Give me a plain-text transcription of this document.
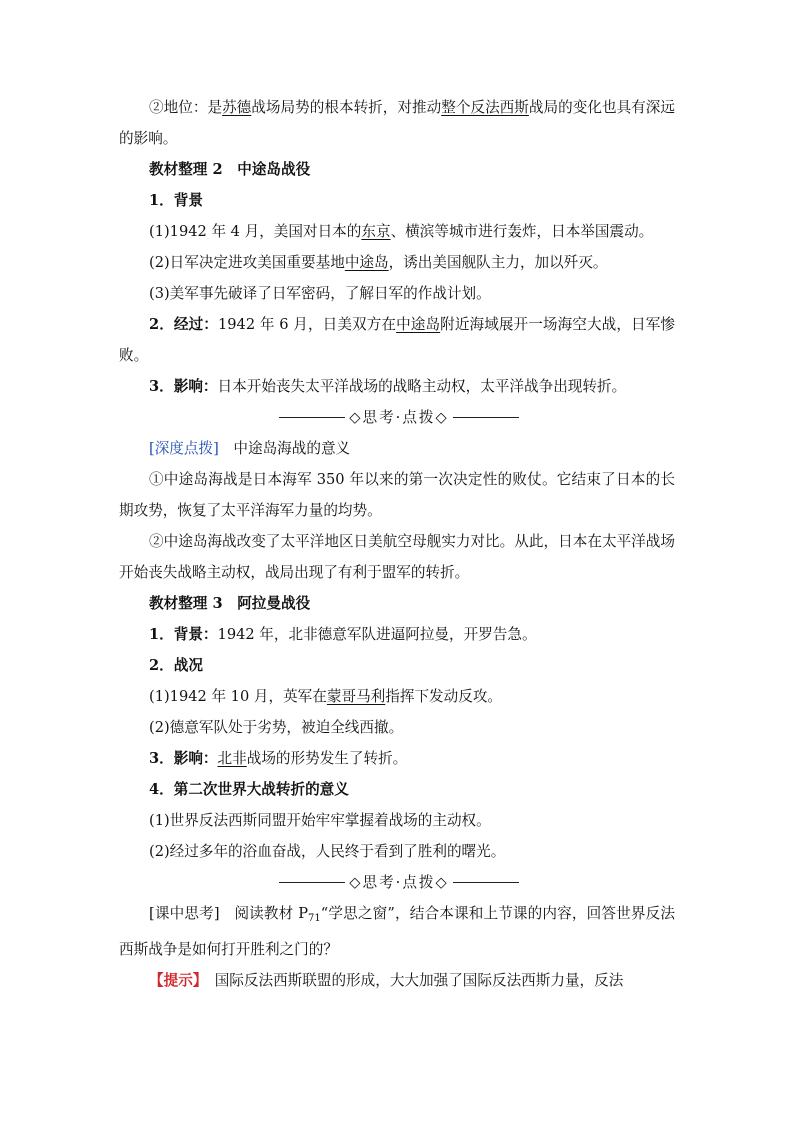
②地位：是苏德战场局势的根本转折，对推动整个反法西斯战局的变化也具有深远的影响。

教材整理 2　中途岛战役

1．背景

(1)1942 年 4 月，美国对日本的东京、横滨等城市进行轰炸，日本举国震动。

(2)日军决定进攻美国重要基地中途岛，诱出美国舰队主力，加以歼灭。

(3)美军事先破译了日军密码，了解日军的作战计划。

2．经过：1942 年 6 月，日美双方在中途岛附近海域展开一场海空大战，日军惨败。

3．影响：日本开始丧失太平洋战场的战略主动权，太平洋战争出现转折。

◇思考·点拨◇

[深度点拨]　 中途岛海战的意义

①中途岛海战是日本海军 350 年以来的第一次决定性的败仗。它结束了日本的长期攻势，恢复了太平洋海军力量的均势。

②中途岛海战改变了太平洋地区日美航空母舰实力对比。从此，日本在太平洋战场开始丧失战略主动权，战局出现了有利于盟军的转折。

教材整理 3　阿拉曼战役

1．背景：1942 年，北非德意军队进逼阿拉曼，开罗告急。

2．战况

(1)1942 年 10 月，英军在蒙哥马利指挥下发动反攻。

(2)德意军队处于劣势，被迫全线西撤。

3．影响：北非战场的形势发生了转折。

4．第二次世界大战转折的意义

(1)世界反法西斯同盟开始牢牢掌握着战场的主动权。

(2)经过多年的浴血奋战，人民终于看到了胜利的曙光。

◇思考·点拨◇

[课中思考]　 阅读教材 $P_{71}“$学思之窗”，结合本课和上节课的内容，回答世界反法西斯战争是如何打开胜利之门的？

【提示】　 国际反法西斯联盟的形成，大大加强了国际反法西斯力量，反法
